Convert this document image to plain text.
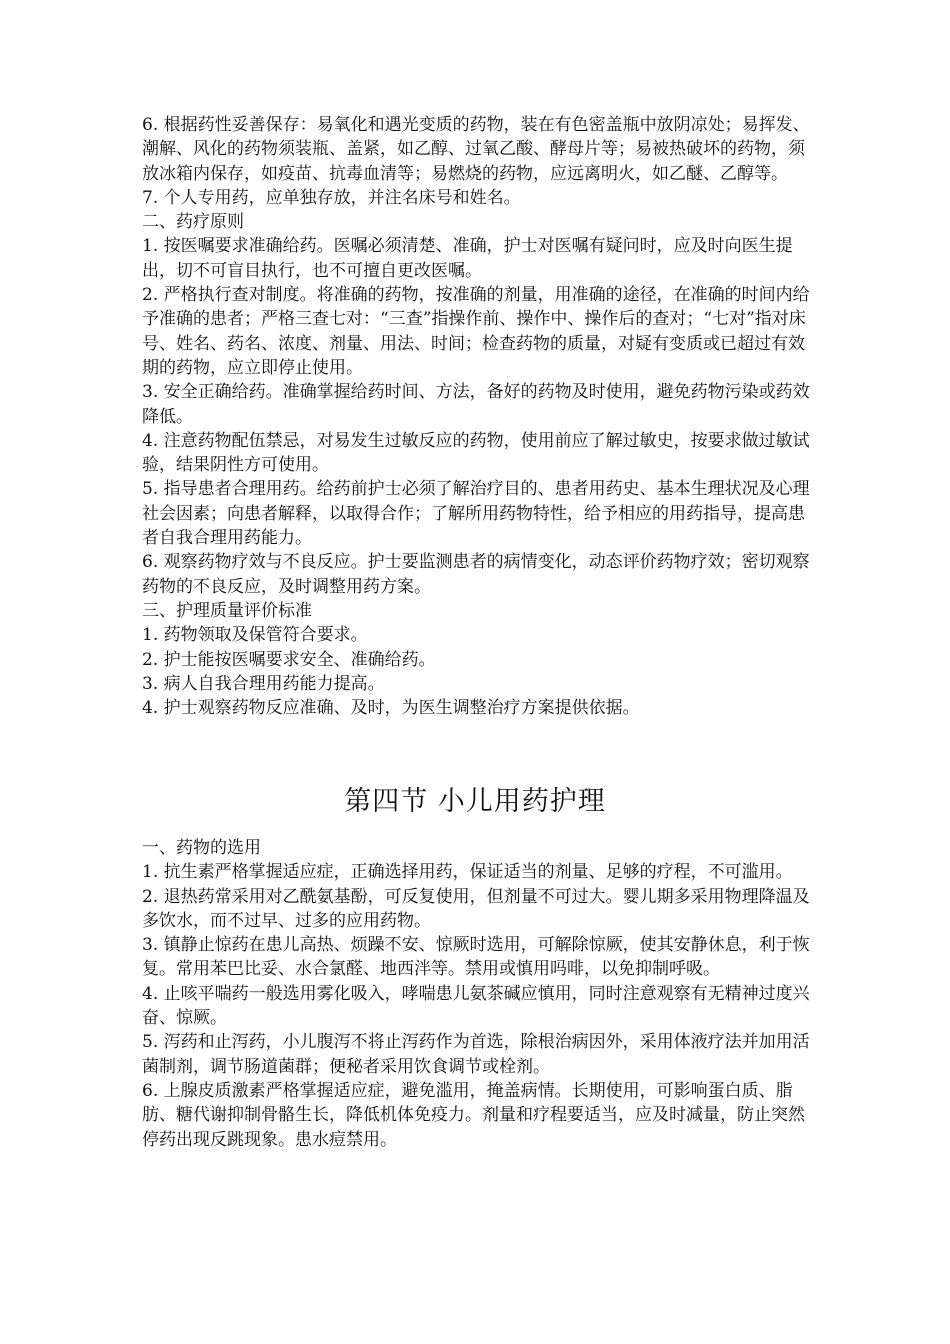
6. 根据药性妥善保存：易氧化和遇光变质的药物，装在有色密盖瓶中放阴凉处；易挥发、潮解、风化的药物须装瓶、盖紧，如乙醇、过氧乙酸、酵母片等；易被热破坏的药物，须放冰箱内保存，如疫苗、抗毒血清等；易燃烧的药物，应远离明火，如乙醚、乙醇等。

7. 个人专用药，应单独存放，并注名床号和姓名。

二、药疗原则

1. 按医嘱要求准确给药。医嘱必须清楚、准确，护士对医嘱有疑问时，应及时向医生提出，切不可盲目执行，也不可擅自更改医嘱。

2. 严格执行查对制度。将准确的药物，按准确的剂量，用准确的途径，在准确的时间内给予准确的患者；严格三查七对：“三查”指操作前、操作中、操作后的查对；“七对”指对床号、姓名、药名、浓度、剂量、用法、时间；检查药物的质量，对疑有变质或已超过有效期的药物，应立即停止使用。

3. 安全正确给药。准确掌握给药时间、方法，备好的药物及时使用，避免药物污染或药效降低。

4. 注意药物配伍禁忌，对易发生过敏反应的药物，使用前应了解过敏史，按要求做过敏试验，结果阴性方可使用。

5. 指导患者合理用药。给药前护士必须了解治疗目的、患者用药史、基本生理状况及心理社会因素；向患者解释，以取得合作；了解所用药物特性，给予相应的用药指导，提高患者自我合理用药能力。

6. 观察药物疗效与不良反应。护士要监测患者的病情变化，动态评价药物疗效；密切观察药物的不良反应，及时调整用药方案。

三、护理质量评价标准

1. 药物领取及保管符合要求。

2. 护士能按医嘱要求安全、准确给药。

3. 病人自我合理用药能力提高。

4. 护士观察药物反应准确、及时，为医生调整治疗方案提供依据。

第四节 小儿用药护理

一、药物的选用

1. 抗生素严格掌握适应症，正确选择用药，保证适当的剂量、足够的疗程，不可滥用。

2. 退热药常采用对乙酰氨基酚，可反复使用，但剂量不可过大。婴儿期多采用物理降温及多饮水，而不过早、过多的应用药物。

3. 镇静止惊药在患儿高热、烦躁不安、惊厥时选用，可解除惊厥，使其安静休息，利于恢复。常用苯巴比妥、水合氯醛、地西泮等。禁用或慎用吗啡，以免抑制呼吸。

4. 止咳平喘药一般选用雾化吸入，哮喘患儿氨茶碱应慎用，同时注意观察有无精神过度兴奋、惊厥。

5. 泻药和止泻药，小儿腹泻不将止泻药作为首选，除根治病因外，采用体液疗法并加用活菌制剂，调节肠道菌群；便秘者采用饮食调节或栓剂。

6. 上腺皮质激素严格掌握适应症，避免滥用，掩盖病情。长期使用，可影响蛋白质、脂肪、糖代谢抑制骨骼生长，降低机体免疫力。剂量和疗程要适当，应及时减量，防止突然停药出现反跳现象。患水痘禁用。
